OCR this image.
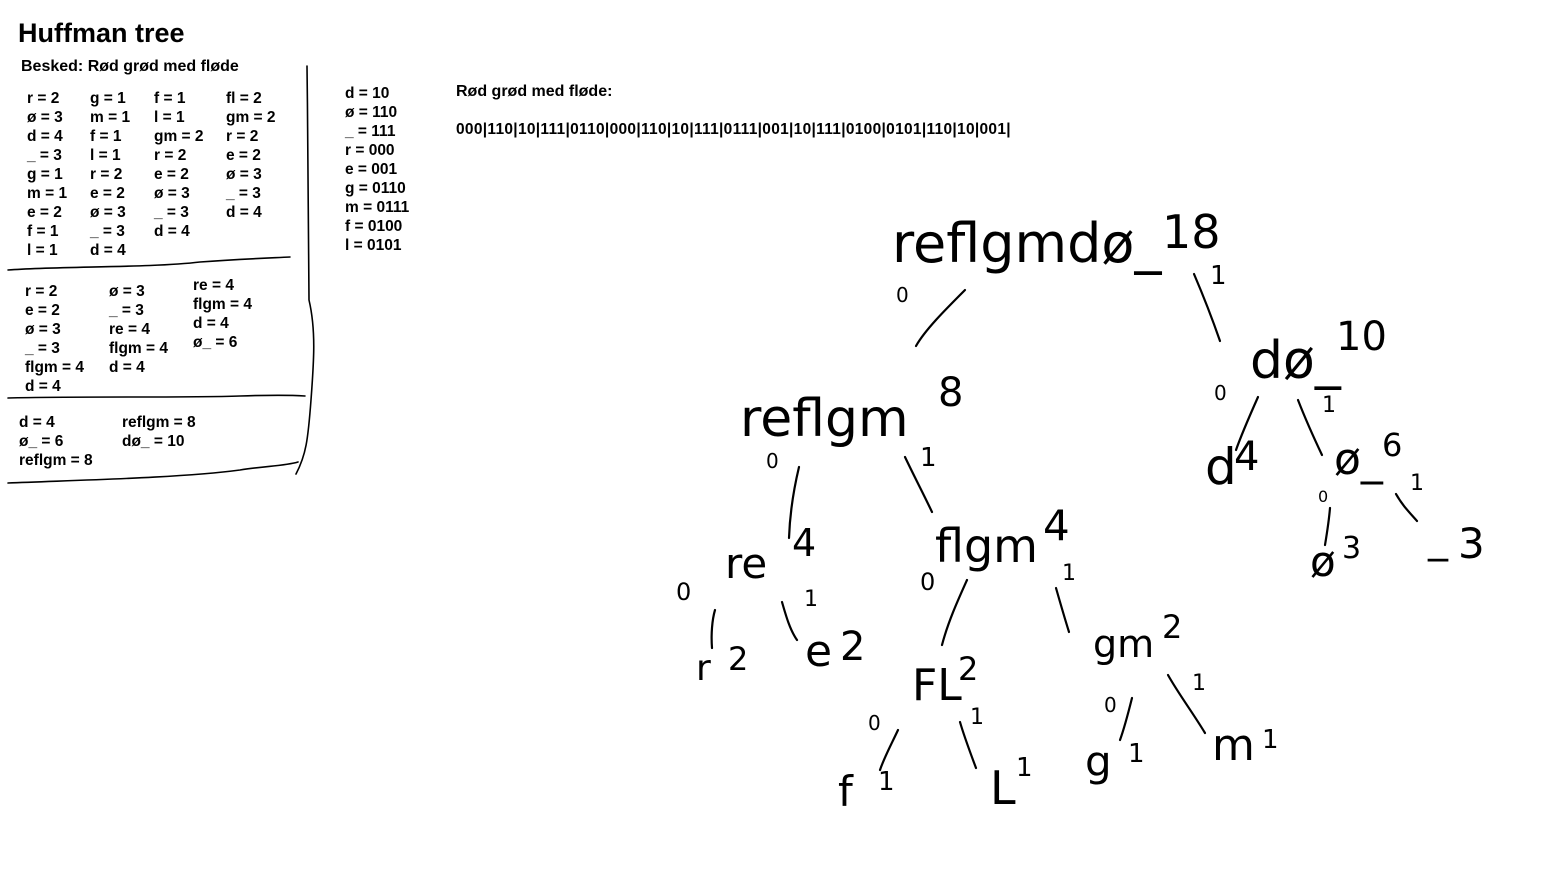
Huffman tree
Besked: Rød grød med fløde
r = 2
ø = 3
d = 4
_ = 3
g = 1
m = 1
e = 2
f = 1
l = 1
g = 1
m = 1
f = 1
l = 1
r = 2
e = 2
ø = 3
_ = 3
d = 4
f = 1
l = 1
gm = 2
r = 2
e = 2
ø = 3
_ = 3
d = 4
fl = 2
gm = 2
r = 2
e = 2
ø = 3
_ = 3
d = 4
r = 2
e = 2
ø = 3
_ = 3
flgm = 4
d = 4
ø = 3
_ = 3
re = 4
flgm = 4
d = 4
re = 4
flgm = 4
d = 4
ø_ = 6
d = 4
ø_ = 6
reflgm = 8
reflgm = 8
dø_ = 10
d = 10
ø = 110
_ = 111
r = 000
e = 001
g = 0110
m = 0111
f = 0100
l = 0101
Rød grød med fløde:
000|110|10|111|0110|000|110|10|111|0111|001|10|111|0100|0101|110|10|001|
reflgmdø_ 18
reflgm 8
dø_
10
re 4	flgm 4
d
4 ø_ 6
r 2 e 2
FL
2
gm 2
ø 3 _ 3
f 1 L 1 g 1 m 1
0
1
0	1
0	1
0	1
0	1
0
1
0	1	0
1
